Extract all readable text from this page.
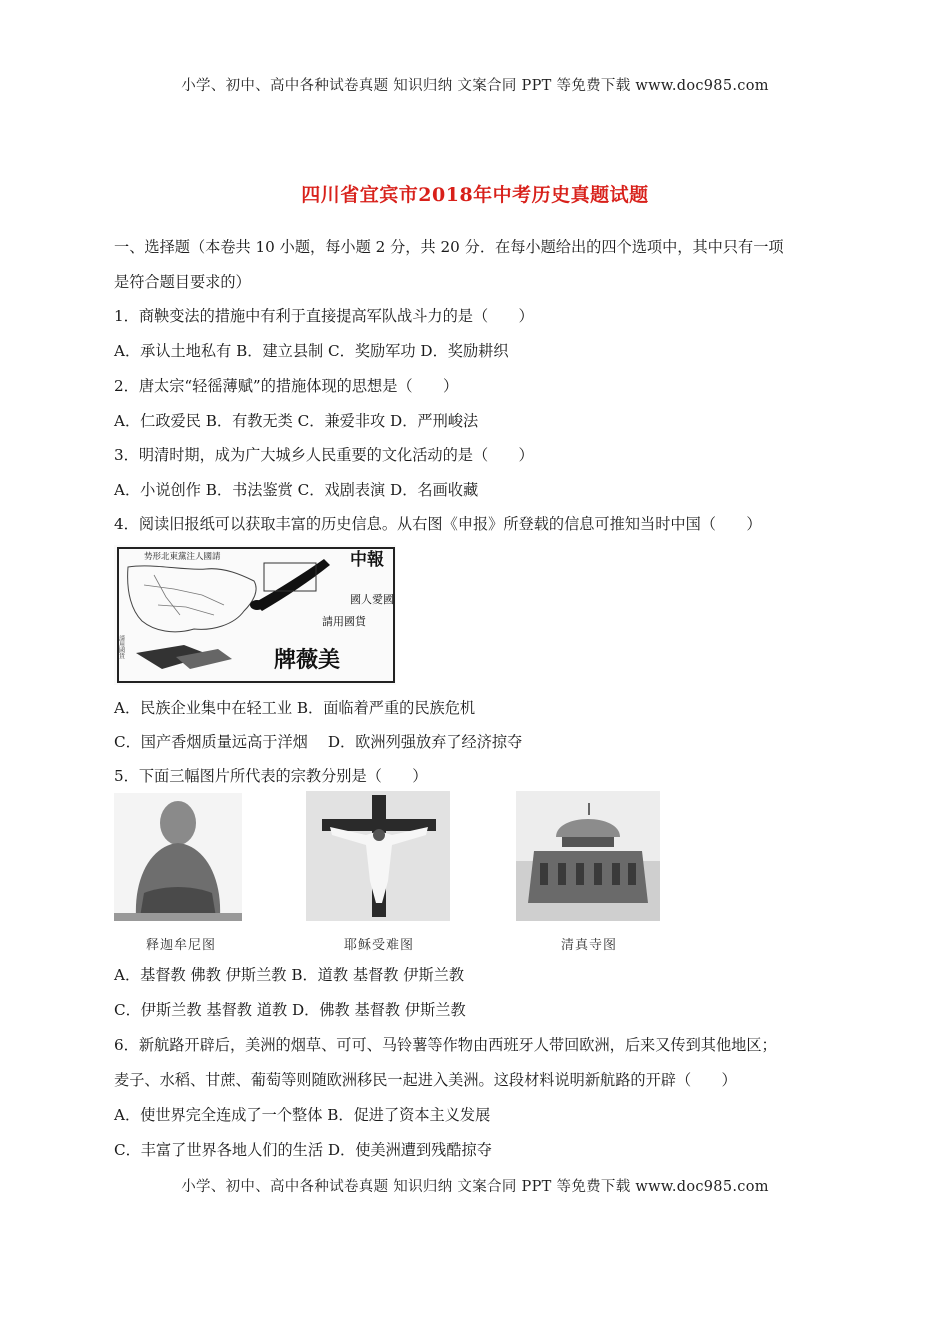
小学、初中、高中各种试卷真题 知识归纳 文案合同 PPT 等免费下载 www.doc985.com
四川省宜宾市2018年中考历史真题试题
一、选择题（本卷共 10 小题，每小题 2 分，共 20 分．在每小题给出的四个选项中，其中只有一项
是符合题目要求的）
1．商鞅变法的措施中有利于直接提高军队战斗力的是（　　）
A．承认土地私有 B．建立县制 C．奖励军功 D．奖励耕织
2．唐太宗“轻徭薄赋”的措施体现的思想是（　　）
A．仁政爱民 B．有教无类 C．兼爱非攻 D．严刑峻法
3．明清时期，成为广大城乡人民重要的文化活动的是（　　）
A．小说创作 B．书法鉴赏 C．戏剧表演 D．名画收藏
4．阅读旧报纸可以获取丰富的历史信息。从右图《申报》所登载的信息可推知当时中国（　　）
势形北東黨注人國請	中報
國人愛國
請用國貨
請用國貨	牌薇美
A．民族企业集中在轻工业 B．面临着严重的民族危机
C．国产香烟质量远高于洋烟　 D．欧洲列强放弃了经济掠夺
5．下面三幅图片所代表的宗教分别是（　　）
释迦牟尼图	耶稣受难图	清真寺图
A．基督教 佛教 伊斯兰教 B．道教 基督教 伊斯兰教
C．伊斯兰教 基督教 道教 D．佛教 基督教 伊斯兰教
6．新航路开辟后，美洲的烟草、可可、马铃薯等作物由西班牙人带回欧洲，后来又传到其他地区；
麦子、水稻、甘蔗、葡萄等则随欧洲移民一起进入美洲。这段材料说明新航路的开辟（　　）
A．使世界完全连成了一个整体 B．促进了资本主义发展
C．丰富了世界各地人们的生活 D．使美洲遭到残酷掠夺
小学、初中、高中各种试卷真题 知识归纳 文案合同 PPT 等免费下载 www.doc985.com
